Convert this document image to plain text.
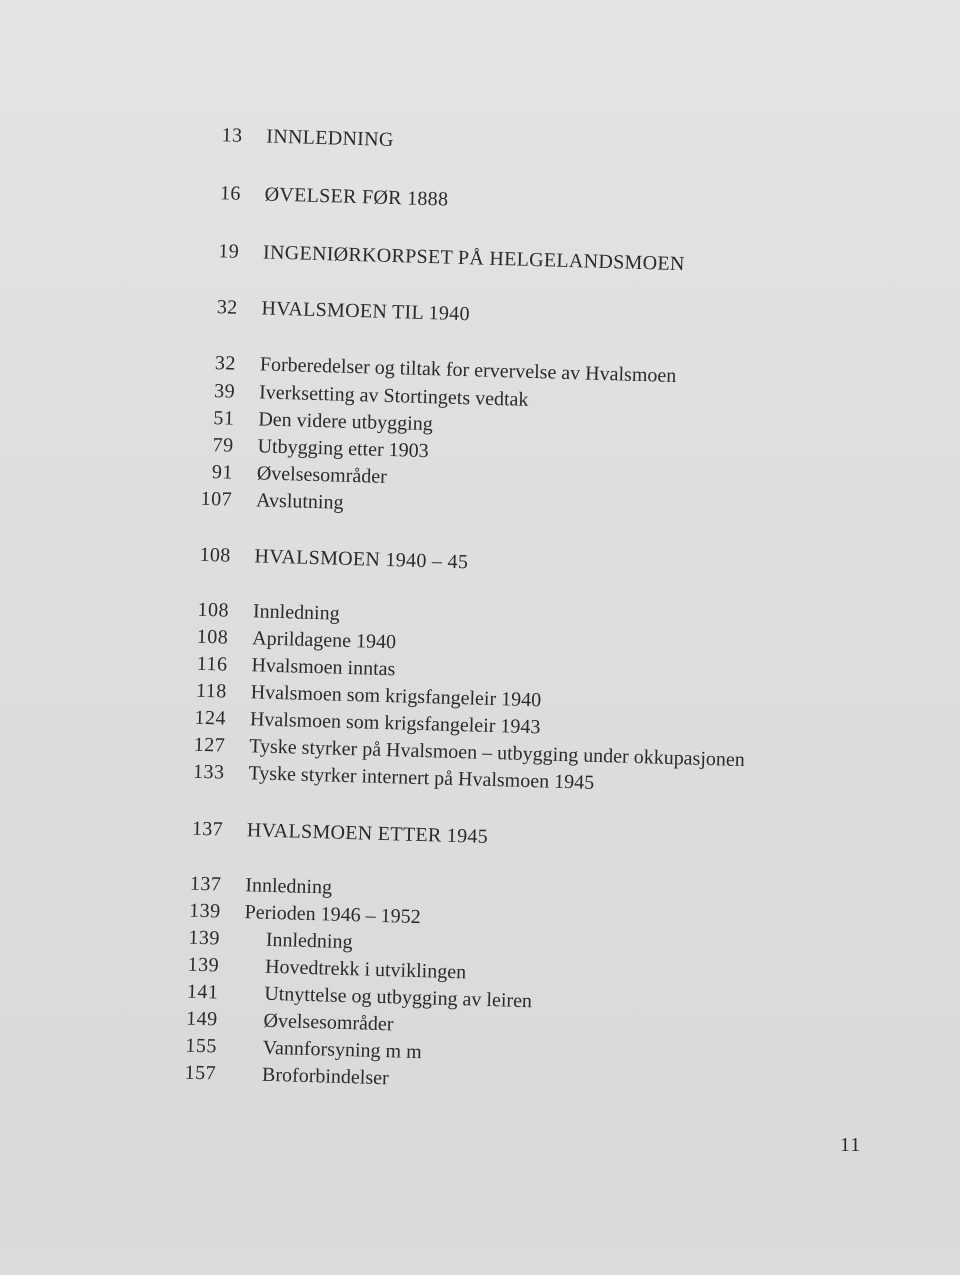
13 INNLEDNING
16 ØVELSER FØR 1888
19 INGENIØRKORPSET PÅ HELGELANDSMOEN
32 HVALSMOEN TIL 1940
32 Forberedelser og tiltak for ervervelse av Hvalsmoen
39 Iverksetting av Stortingets vedtak
51 Den videre utbygging
79 Utbygging etter 1903
91 Øvelsesområder
107 Avslutning
108 HVALSMOEN 1940 – 45
108 Innledning
108 Aprildagene 1940
116 Hvalsmoen inntas
118 Hvalsmoen som krigsfangeleir 1940
124 Hvalsmoen som krigsfangeleir 1943
127 Tyske styrker på Hvalsmoen – utbygging under okkupasjonen
133 Tyske styrker internert på Hvalsmoen 1945
137 HVALSMOEN ETTER 1945
137 Innledning
139 Perioden 1946 – 1952
139 Innledning
139 Hovedtrekk i utviklingen
141 Utnyttelse og utbygging av leiren
149 Øvelsesområder
155 Vannforsyning m m
157 Broforbindelser
11
